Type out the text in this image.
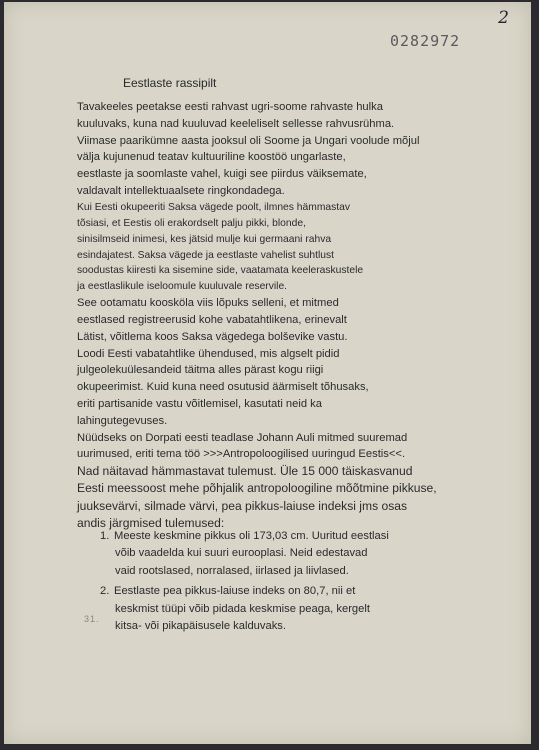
2
0282972
Eestlaste rassipilt
Tavakeeles peetakse eesti rahvast ugri-soome rahvaste hulka
kuuluvaks, kuna nad kuuluvad keeleliselt sellesse rahvusrühma.
Viimase paarikümne aasta jooksul oli Soome ja Ungari voolude mõjul
välja kujunenud teatav kultuuriline koostöö ungarlaste,
eestlaste ja soomlaste vahel, kuigi see piirdus väiksemate,
valdavalt intellektuaalsete ringkondadega.
Kui Eesti okupeeriti Saksa vägede poolt, ilmnes hämmastav
tõsiasi, et Eestis oli erakordselt palju pikki, blonde,
sinisilmseid inimesi, kes jätsid mulje kui germaani rahva
esindajatest. Saksa vägede ja eestlaste vahelist suhtlust
soodustas kiiresti ka sisemine side, vaatamata keeleraskustele
ja eestlaslikule iseloomule kuuluvale reservile.
See ootamatu koosköla viis lõpuks selleni, et mitmed
eestlased registreerusid kohe vabatahtlikena, erinevalt
Lätist, võitlema koos Saksa vägedega bolševike vastu.
Loodi Eesti vabatahtlike ühendused, mis algselt pidid
julgeolekuülesandeid täitma alles pärast kogu riigi
okupeerimist. Kuid kuna need osutusid äärmiselt tõhusaks,
eriti partisanide vastu võitlemisel, kasutati neid ka
lahingutegevuses.
Nüüdseks on Dorpati eesti teadlase Johann Auli mitmed suuremad
uurimused, eriti tema töö >>>Antropoloogilised uuringud Eestis<<.
Nad näitavad hämmastavat tulemust. Üle 15 000 täiskasvanud
Eesti meessoost mehe põhjalik antropoloogiline mõõtmine pikkuse,
juuksevärvi, silmade värvi, pea pikkus-laiuse indeksi jms osas
andis järgmised tulemused:
1. Meeste keskmine pikkus oli 173,03 cm. Uuritud eestlasi
võib vaadelda kui suuri eurooplasi. Neid edestavad
vaid rootslased, norralased, iirlased ja liivlased.
2. Eestlaste pea pikkus-laiuse indeks on 80,7, nii et
keskmist tüüpi võib pidada keskmise peaga, kergelt
kitsa- või pikapäisusele kalduvaks.
31.
